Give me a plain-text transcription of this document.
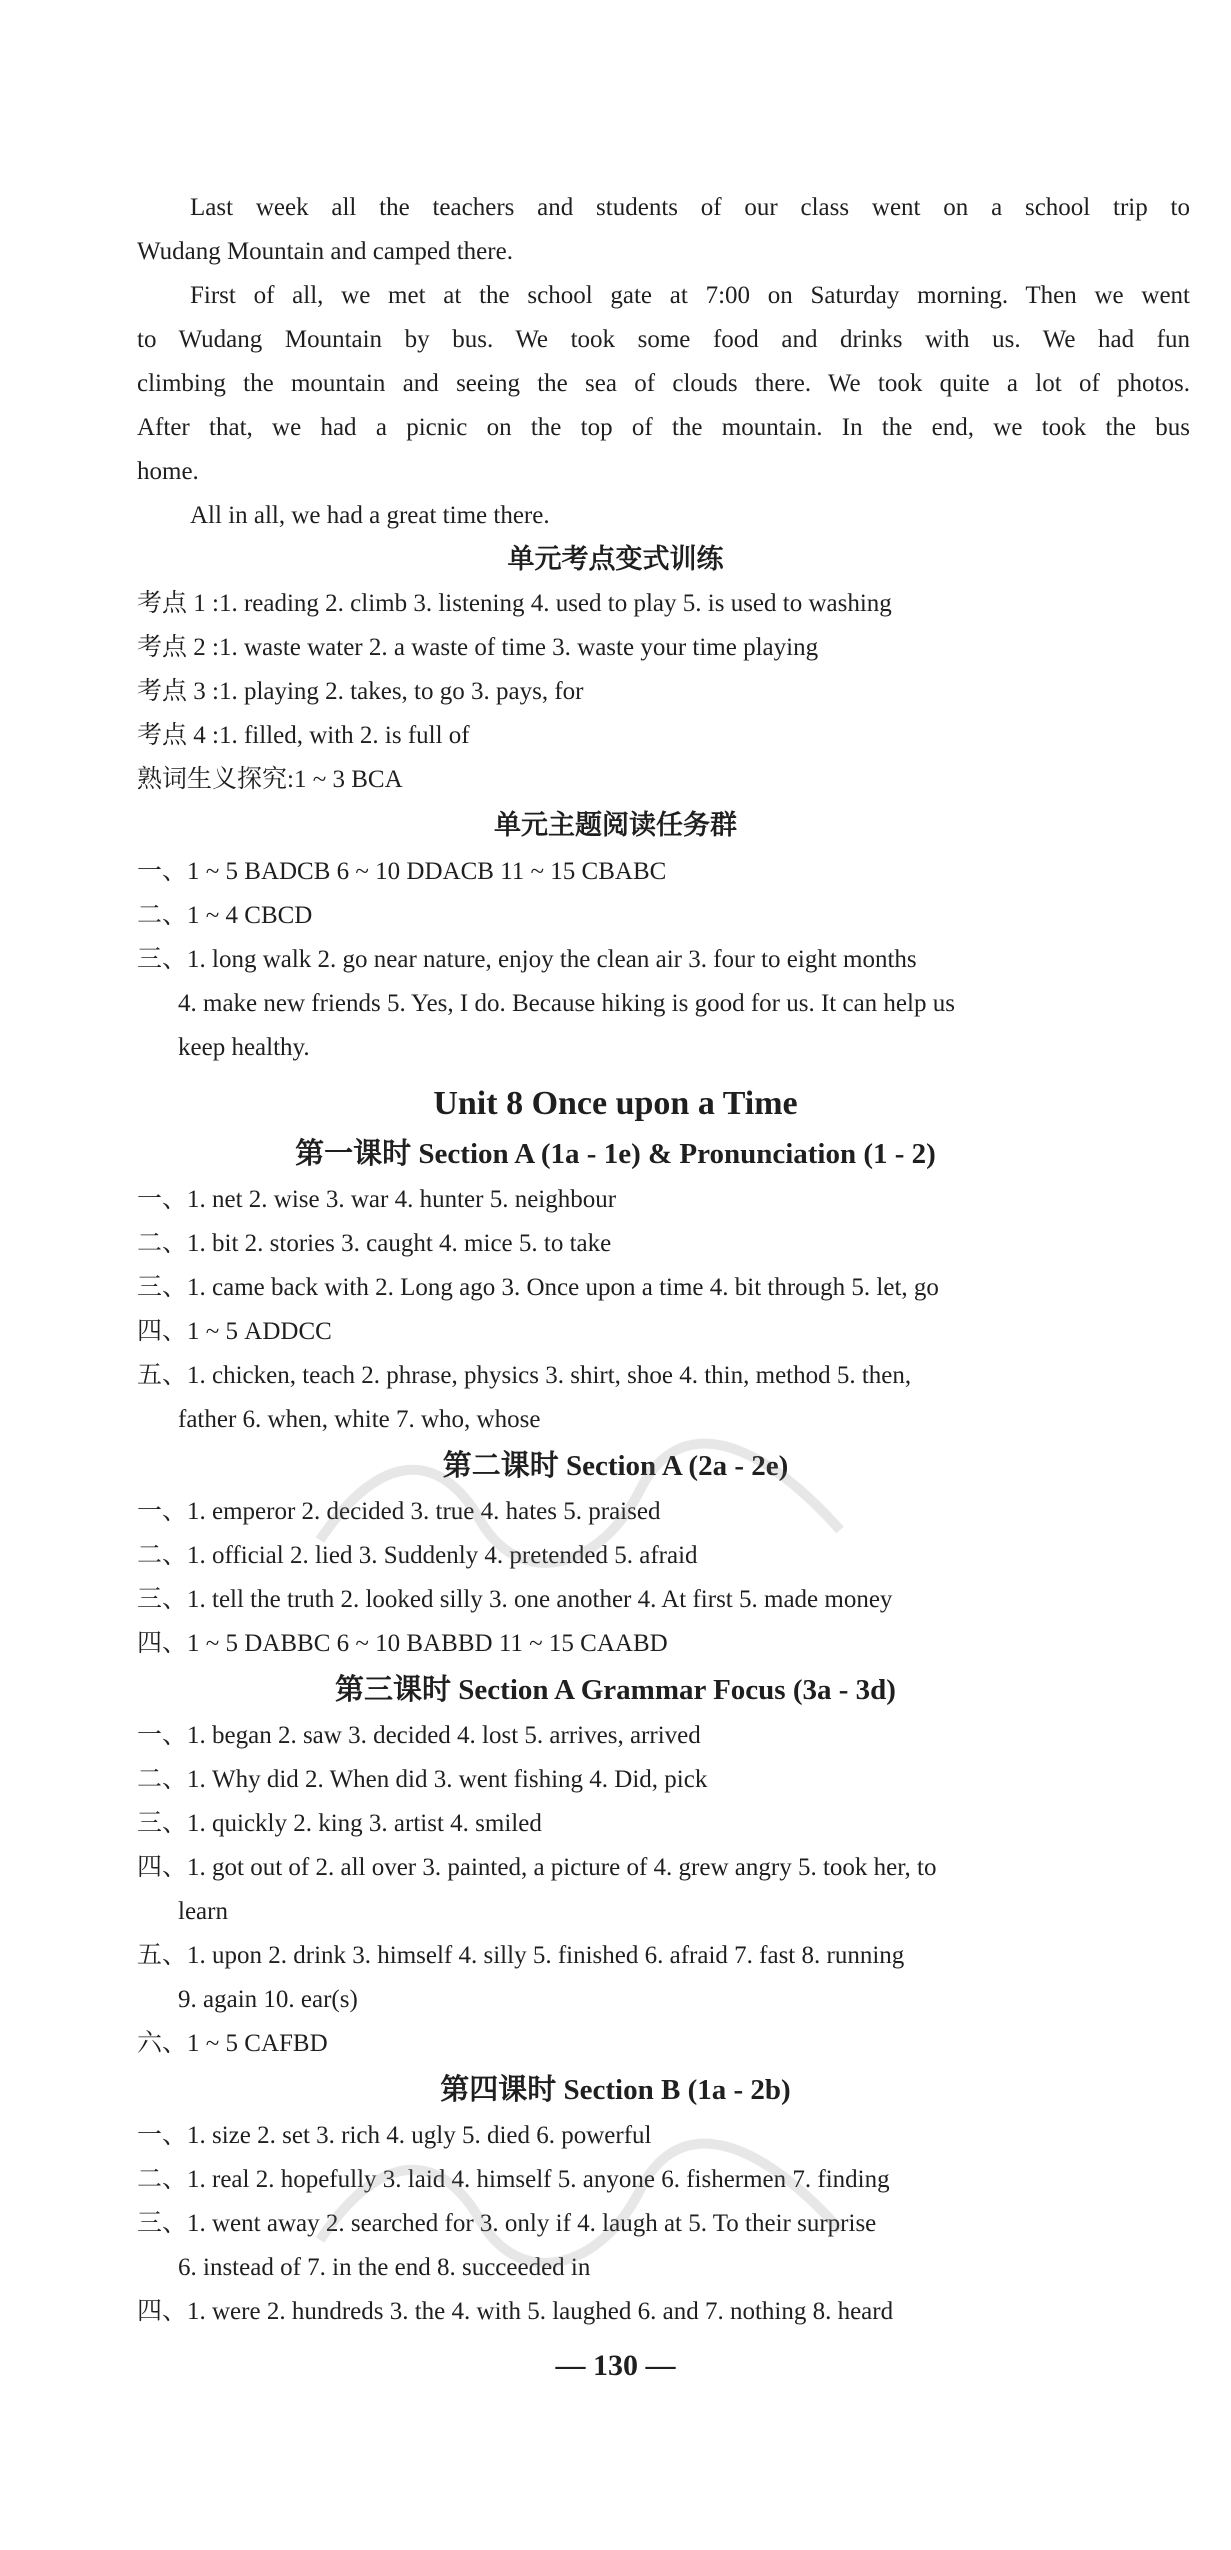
Last week all the teachers and students of our class went on a school trip to
Wudang Mountain and camped there.
First of all, we met at the school gate at 7:00 on Saturday morning. Then we went
to Wudang Mountain by bus. We took some food and drinks with us. We had fun
climbing the mountain and seeing the sea of clouds there. We took quite a lot of photos.
After that, we had a picnic on the top of the mountain. In the end, we took the bus
home.
All in all, we had a great time there.
单元考点变式训练
考点 1 :1. reading 2. climb 3. listening 4. used to play 5. is used to washing
考点 2 :1. waste water 2. a waste of time 3. waste your time playing
考点 3 :1. playing 2. takes, to go 3. pays, for
考点 4 :1. filled, with 2. is full of
熟词生义探究:1 ~ 3 BCA
单元主题阅读任务群
一、1 ~ 5 BADCB 6 ~ 10 DDACB 11 ~ 15 CBABC
二、1 ~ 4 CBCD
三、1. long walk 2. go near nature, enjoy the clean air 3. four to eight months
4. make new friends 5. Yes, I do. Because hiking is good for us. It can help us
keep healthy.
Unit 8 Once upon a Time
第一课时 Section A (1a - 1e) & Pronunciation (1 - 2)
一、1. net 2. wise 3. war 4. hunter 5. neighbour
二、1. bit 2. stories 3. caught 4. mice 5. to take
三、1. came back with 2. Long ago 3. Once upon a time 4. bit through 5. let, go
四、1 ~ 5 ADDCC
五、1. chicken, teach 2. phrase, physics 3. shirt, shoe 4. thin, method 5. then,
father 6. when, white 7. who, whose
第二课时 Section A (2a - 2e)
一、1. emperor 2. decided 3. true 4. hates 5. praised
二、1. official 2. lied 3. Suddenly 4. pretended 5. afraid
三、1. tell the truth 2. looked silly 3. one another 4. At first 5. made money
四、1 ~ 5 DABBC 6 ~ 10 BABBD 11 ~ 15 CAABD
第三课时 Section A Grammar Focus (3a - 3d)
一、1. began 2. saw 3. decided 4. lost 5. arrives, arrived
二、1. Why did 2. When did 3. went fishing 4. Did, pick
三、1. quickly 2. king 3. artist 4. smiled
四、1. got out of 2. all over 3. painted, a picture of 4. grew angry 5. took her, to
learn
五、1. upon 2. drink 3. himself 4. silly 5. finished 6. afraid 7. fast 8. running
9. again 10. ear(s)
六、1 ~ 5 CAFBD
第四课时 Section B (1a - 2b)
一、1. size 2. set 3. rich 4. ugly 5. died 6. powerful
二、1. real 2. hopefully 3. laid 4. himself 5. anyone 6. fishermen 7. finding
三、1. went away 2. searched for 3. only if 4. laugh at 5. To their surprise
6. instead of 7. in the end 8. succeeded in
四、1. were 2. hundreds 3. the 4. with 5. laughed 6. and 7. nothing 8. heard
— 130 —
